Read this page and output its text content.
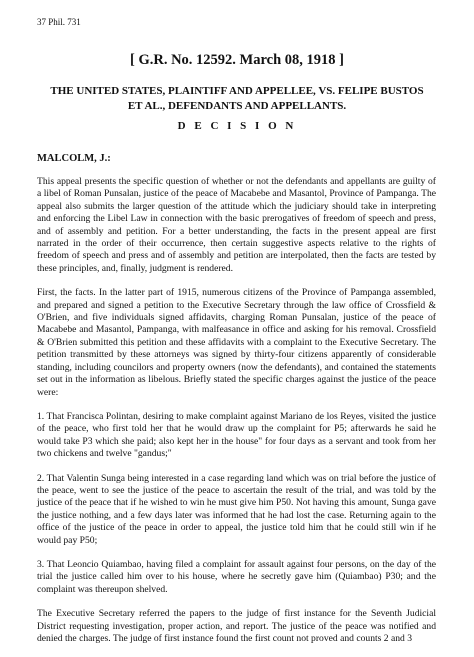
37 Phil. 731
[ G.R. No. 12592. March 08, 1918 ]
THE UNITED STATES, PLAINTIFF AND APPELLEE, VS. FELIPE BUSTOS ET AL., DEFENDANTS AND APPELLANTS.
D E C I S I O N
MALCOLM, J.:

This appeal presents the specific question of whether or not the defendants and appellants are guilty of a libel of Roman Punsalan, justice of the peace of Macabebe and Masantol, Province of Pampanga. The appeal also submits the larger question of the attitude which the judiciary should take in interpreting and enforcing the Libel Law in connection with the basic prerogatives of freedom of speech and press, and of assembly and petition. For a better understanding, the facts in the present appeal are first narrated in the order of their occurrence, then certain suggestive aspects relative to the rights of freedom of speech and press and of assembly and petition are interpolated, then the facts are tested by these principles, and, finally, judgment is rendered.

First, the facts. In the latter part of 1915, numerous citizens of the Province of Pampanga assembled, and prepared and signed a petition to the Executive Secretary through the law office of Crossfield & O'Brien, and five individuals signed affidavits, charging Roman Punsalan, justice of the peace of Macabebe and Masantol, Pampanga, with malfeasance in office and asking for his removal. Crossfield & O'Brien submitted this petition and these affidavits with a complaint to the Executive Secretary. The petition transmitted by these attorneys was signed by thirty-four citizens apparently of considerable standing, including councilors and property owners (now the defendants), and contained the statements set out in the information as libelous. Briefly stated the specific charges against the justice of the peace were:

1. That Francisca Polintan, desiring to make complaint against Mariano de los Reyes, visited the justice of the peace, who first told her that he would draw up the complaint for P5; afterwards he said he would take P3 which she paid; also kept her in the house" for four days as a servant and took from her two chickens and twelve "gandus;"

2. That Valentin Sunga being interested in a case regarding land which was on trial before the justice of the peace, went to see the justice of the peace to ascertain the result of the trial, and was told by the justice of the peace that if he wished to win he must give him P50. Not having this amount, Sunga gave the justice nothing, and a few days later was informed that he had lost the case. Returning again to the office of the justice of the peace in order to appeal, the justice told him that he could still win if he would pay P50;

3. That Leoncio Quiambao, having filed a complaint for assault against four persons, on the day of the trial the justice called him over to his house, where he secretly gave him (Quiambao) P30; and the complaint was thereupon shelved.

The Executive Secretary referred the papers to the judge of first instance for the Seventh Judicial District requesting investigation, proper action, and report. The justice of the peace was notified and denied the charges. The judge of first instance found the first count not proved and counts 2 and 3
